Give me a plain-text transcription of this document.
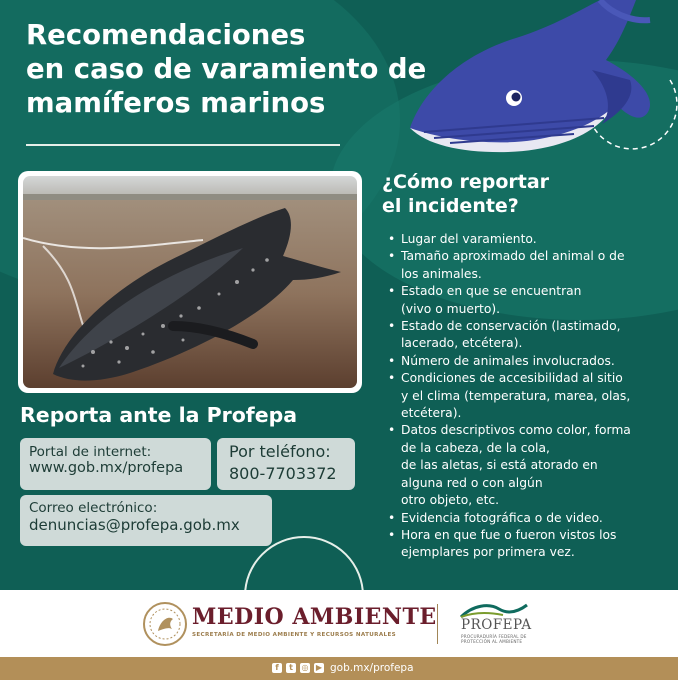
Recomendaciones
en caso de varamiento de
mamíferos marinos
Reporta ante la Profepa
Portal de internet:
www.gob.mx/profepa
Por teléfono:
800-7703372
Correo electrónico:
denuncias@profepa.gob.mx
¿Cómo reportar
el incidente?
• Lugar del varamiento.
• Tamaño aproximado del animal o de
los animales.
• Estado en que se encuentran
(vivo o muerto).
• Estado de conservación (lastimado,
lacerado, etcétera).
• Número de animales involucrados.
• Condiciones de accesibilidad al sitio
y el clima (temperatura, marea, olas,
etcétera).
• Datos descriptivos como color, forma
de la cabeza, de la cola,
de las aletas, si está atorado en
alguna red o con algún
otro objeto, etc.
• Evidencia fotográfica o de video.
• Hora en que fue o fueron vistos los
ejemplares por primera vez.
MEDIO AMBIENTE
SECRETARÍA DE MEDIO AMBIENTE Y RECURSOS NATURALES
PROFEPA
PROCURADURÍA FEDERAL DE
PROTECCIÓN AL AMBIENTE
f	t	◎ ▶ gob.mx/profepa
